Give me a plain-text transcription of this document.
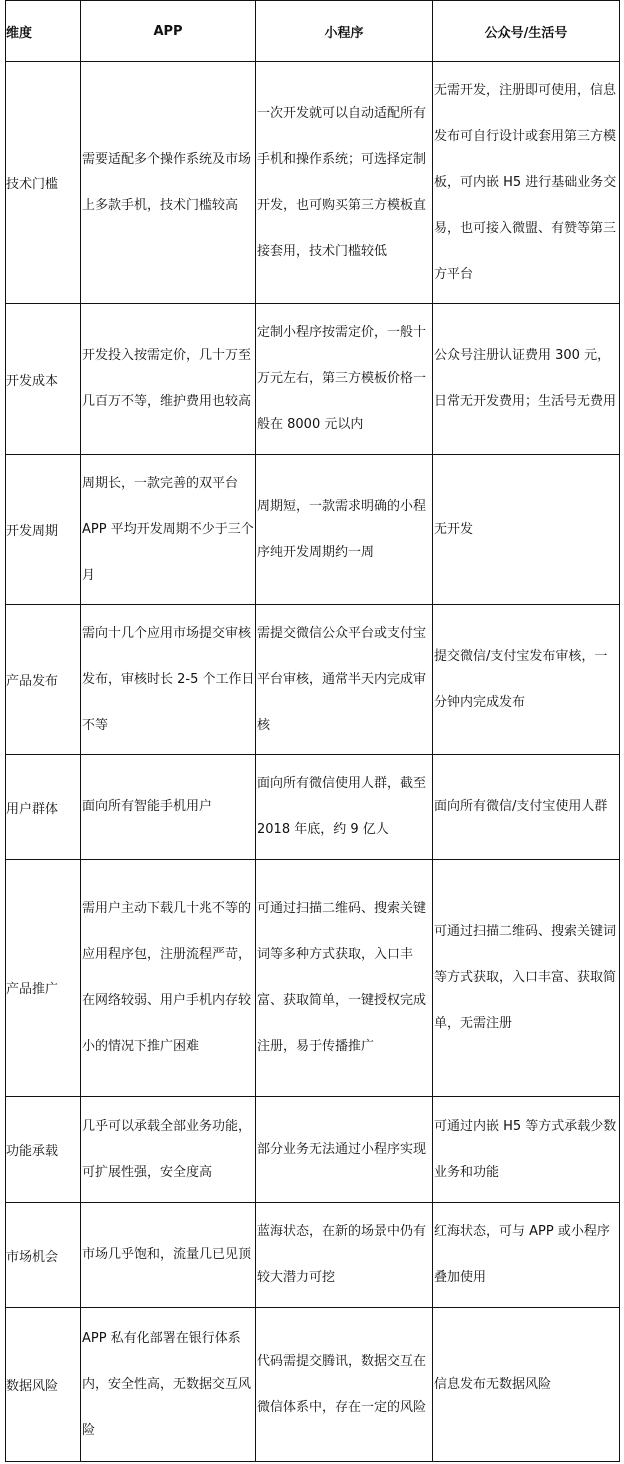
维度	APP	小程序	公众号/生活号
技术门槛	需要适配多个操作系统及市场上多款手机，技术门槛较高	一次开发就可以自动适配所有手机和操作系统；可选择定制开发，也可购买第三方模板直接套用，技术门槛较低	无需开发，注册即可使用，信息发布可自行设计或套用第三方模板，可内嵌 H5 进行基础业务交易，也可接入微盟、有赞等第三方平台

开发成本	开发投入按需定价，几十万至几百万不等，维护费用也较高	定制小程序按需定价，一般十万元左右，第三方模板价格一般在 8000 元以内	公众号注册认证费用 300 元，日常无开发费用；生活号无费用

开发周期	周期长，一款完善的双平台 APP 平均开发周期不少于三个月	周期短，一款需求明确的小程序纯开发周期约一周	无开发

产品发布	需向十几个应用市场提交审核发布，审核时长 2-5 个工作日不等	需提交微信公众平台或支付宝平台审核，通常半天内完成审核	提交微信/支付宝发布审核，一分钟内完成发布

用户群体	面向所有智能手机用户	面向所有微信使用人群，截至 2018 年底，约 9 亿人	面向所有微信/支付宝使用人群

产品推广	需用户主动下载几十兆不等的应用程序包，注册流程严苛，在网络较弱、用户手机内存较小的情况下推广困难	可通过扫描二维码、搜索关键词等多种方式获取，入口丰富、获取简单，一键授权完成注册，易于传播推广	可通过扫描二维码、搜索关键词等方式获取，入口丰富、获取简单，无需注册

功能承载	几乎可以承载全部业务功能，可扩展性强，安全度高	部分业务无法通过小程序实现	可通过内嵌 H5 等方式承载少数业务和功能

市场机会	市场几乎饱和，流量几已见顶	蓝海状态，在新的场景中仍有较大潜力可挖	红海状态，可与 APP 或小程序叠加使用

数据风险	APP 私有化部署在银行体系内，安全性高，无数据交互风险	代码需提交腾讯，数据交互在微信体系中，存在一定的风险	信息发布无数据风险
